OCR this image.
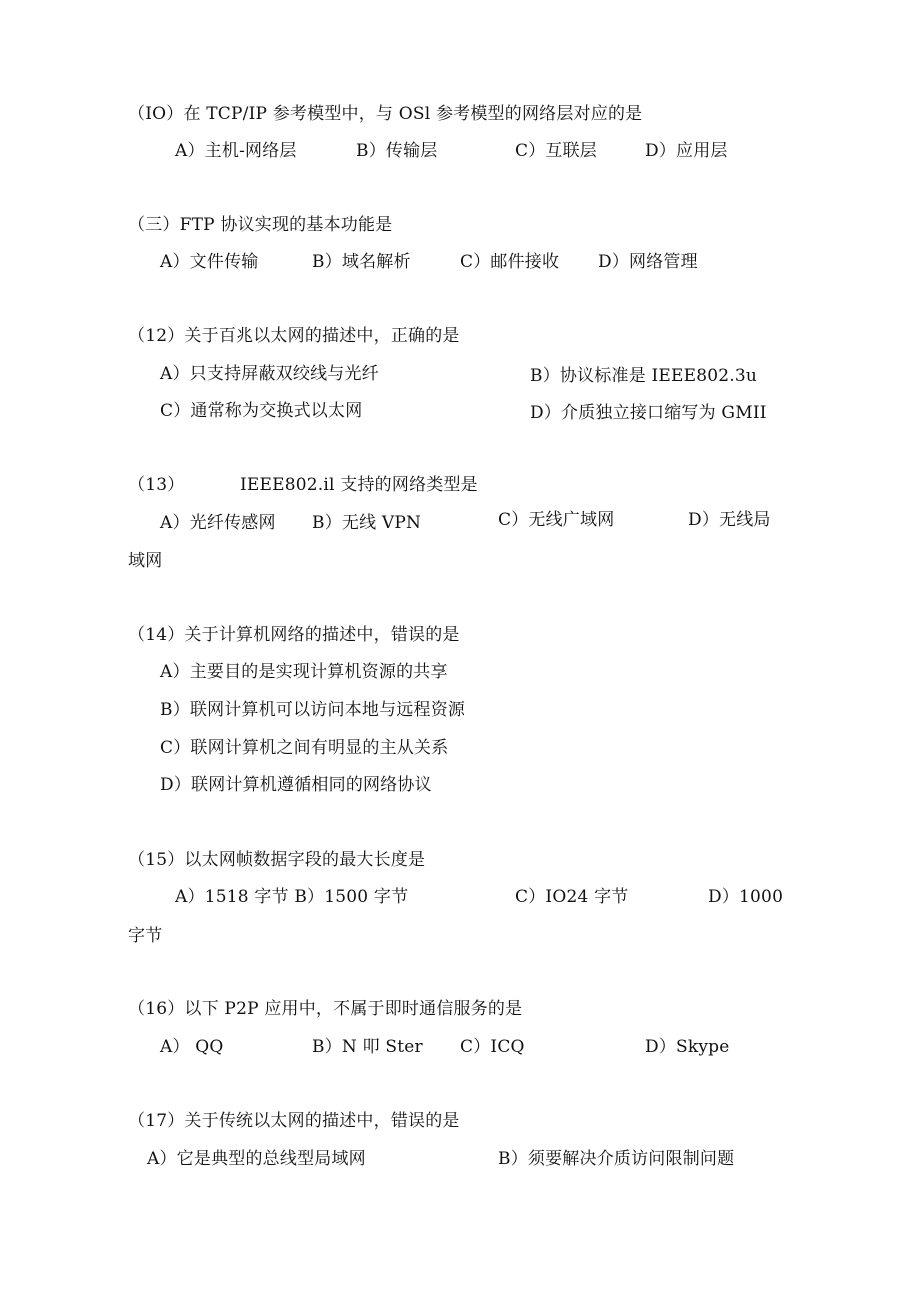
（IO）在 TCP/IP 参考模型中，与 OSl 参考模型的网络层对应的是
A）主机-网络层	B）传输层	C）互联层	D）应用层
（三）FTP 协议实现的基本功能是
A）文件传输	B）域名解析	C）邮件接收 D）网络管理
（12）关于百兆以太网的描述中，正确的是
A）只支持屏蔽双绞线与光纤	B）协议标准是 IEEE802.3u
C）通常称为交换式以太网	D）介质独立接口缩写为 GMII
（13）	IEEE802.il 支持的网络类型是
A）光纤传感网 B）无线 VPN	C）无线广域网	D）无线局
域网
（14）关于计算机网络的描述中，错误的是
A）主要目的是实现计算机资源的共享
B）联网计算机可以访问本地与远程资源
C）联网计算机之间有明显的主从关系
D）联网计算机遵循相同的网络协议
（15）以太网帧数据字段的最大长度是
A）1518 字节 B）1500 字节	C）IO24 字节	D）1000
字节
（16）以下 P2P 应用中，不属于即时通信服务的是
A） QQ	B）N 叩 Ster C）ICQ	D）Skype
（17）关于传统以太网的描述中，错误的是
A）它是典型的总线型局域网	B）须要解决介质访问限制问题
